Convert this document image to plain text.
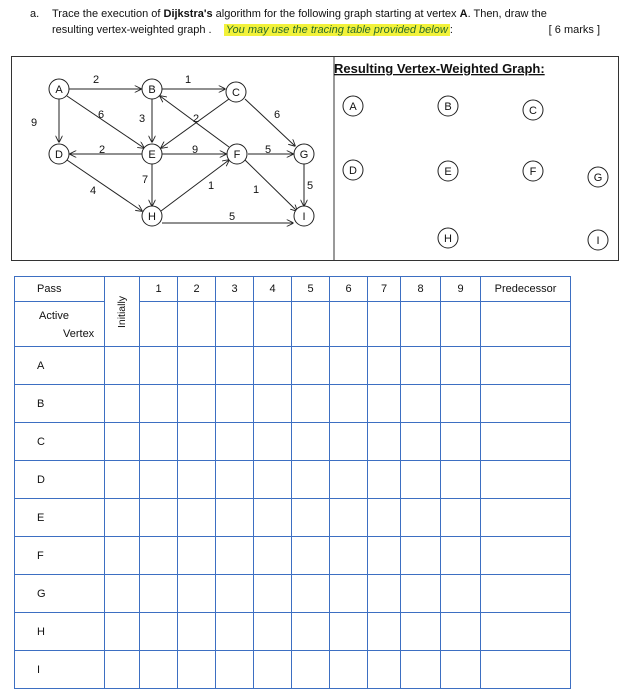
a. Trace the execution of Dijkstra's algorithm for the following graph starting at vertex A. Then, draw the
resulting vertex-weighted graph . You may use the tracing table provided below :	[ 6 marks ]
2	1
9
6	3	2	6
2	9	5
5
7	1	1
4
5
A	B	C
D	E	F	G
H	I
Resulting Vertex-Weighted Graph:
A	B	C
D	E	F	G
H	I
Pass	Initially	1	2	3	4	5	6	7	8	9	Predecessor

Active
Vertex											

A											
B											
C											
D											
E											
F											
G											
H											
I											
